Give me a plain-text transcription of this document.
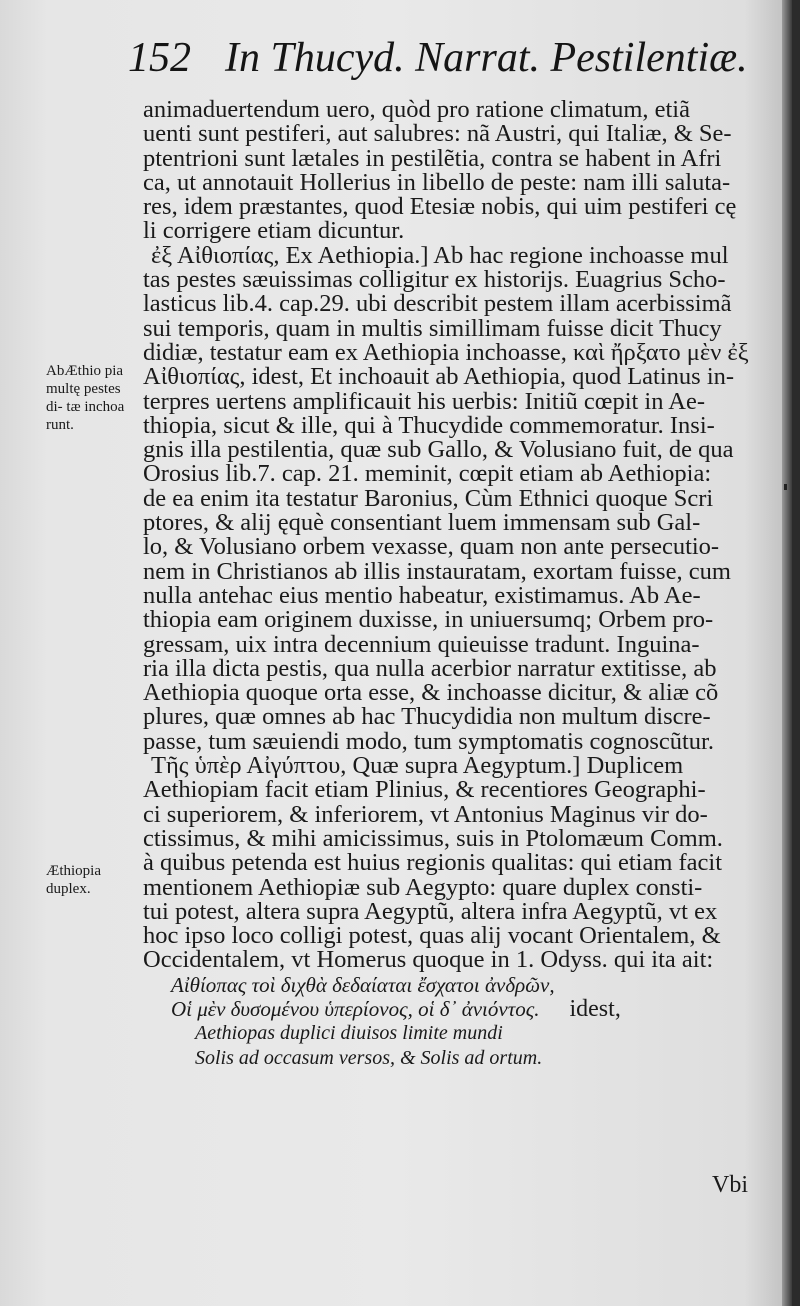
152 In Thucyd. Narrat. Pestilentiæ.
AbÆthio pia multę pestes di- tæ inchoa runt.
Æthiopia duplex.
animaduertendum uero, quòd pro ratione climatum, etiã
uenti sunt pestiferi, aut salubres: nã Austri, qui Italiæ, & Se-
ptentrioni sunt lætales in pestilẽtia, contra se habent in Afri
ca, ut annotauit Hollerius in libello de peste: nam illi saluta-
res, idem præstantes, quod Etesiæ nobis, qui uim pestiferi cę
li corrigere etiam dicuntur.
ἐξ Αἰθιοπίας, Ex Aethiopia.] Ab hac regione inchoasse mul
tas pestes sæuissimas colligitur ex historijs. Euagrius Scho-
lasticus lib.4. cap.29. ubi describit pestem illam acerbissimã
sui temporis, quam in multis simillimam fuisse dicit Thucy
didiæ, testatur eam ex Aethiopia inchoasse, καὶ ἤρξατο μὲν ἐξ
Αἰθιοπίας, idest, Et inchoauit ab Aethiopia, quod Latinus in-
terpres uertens amplificauit his uerbis: Initiũ cœpit in Ae-
thiopia, sicut & ille, qui à Thucydide commemoratur. Insi-
gnis illa pestilentia, quæ sub Gallo, & Volusiano fuit, de qua
Orosius lib.7. cap. 21. meminit, cœpit etiam ab Aethiopia:
de ea enim ita testatur Baronius, Cùm Ethnici quoque Scri
ptores, & alij ęquè consentiant luem immensam sub Gal-
lo, & Volusiano orbem vexasse, quam non ante persecutio-
nem in Christianos ab illis instauratam, exortam fuisse, cum
nulla antehac eius mentio habeatur, existimamus. Ab Ae-
thiopia eam originem duxisse, in uniuersumq; Orbem pro-
gressam, uix intra decennium quieuisse tradunt. Inguina-
ria illa dicta pestis, qua nulla acerbior narratur extitisse, ab
Aethiopia quoque orta esse, & inchoasse dicitur, & aliæ cõ
plures, quæ omnes ab hac Thucydidia non multum discre-
passe, tum sæuiendi modo, tum symptomatis cognoscũtur.
Τῆς ὑπὲρ Αἰγύπτου, Quæ supra Aegyptum.] Duplicem
Aethiopiam facit etiam Plinius, & recentiores Geographi-
ci superiorem, & inferiorem, vt Antonius Maginus vir do-
ctissimus, & mihi amicissimus, suis in Ptolomæum Comm.
à quibus petenda est huius regionis qualitas: qui etiam facit
mentionem Aethiopiæ sub Aegypto: quare duplex consti-
tui potest, altera supra Aegyptũ, altera infra Aegyptũ, vt ex
hoc ipso loco colligi potest, quas alij vocant Orientalem, &
Occidentalem, vt Homerus quoque in 1. Odyss. qui ita ait:
Αἰθίοπας τοὶ διχθὰ δεδαίαται ἔσχατοι ἀνδρῶν,
Οἱ μὲν δυσομένου ὑπερίονος, οἱ δ᾽ ἀνιόντος. idest,
Aethiopas duplici diuisos limite mundi
Solis ad occasum versos, & Solis ad ortum.
Vbi
